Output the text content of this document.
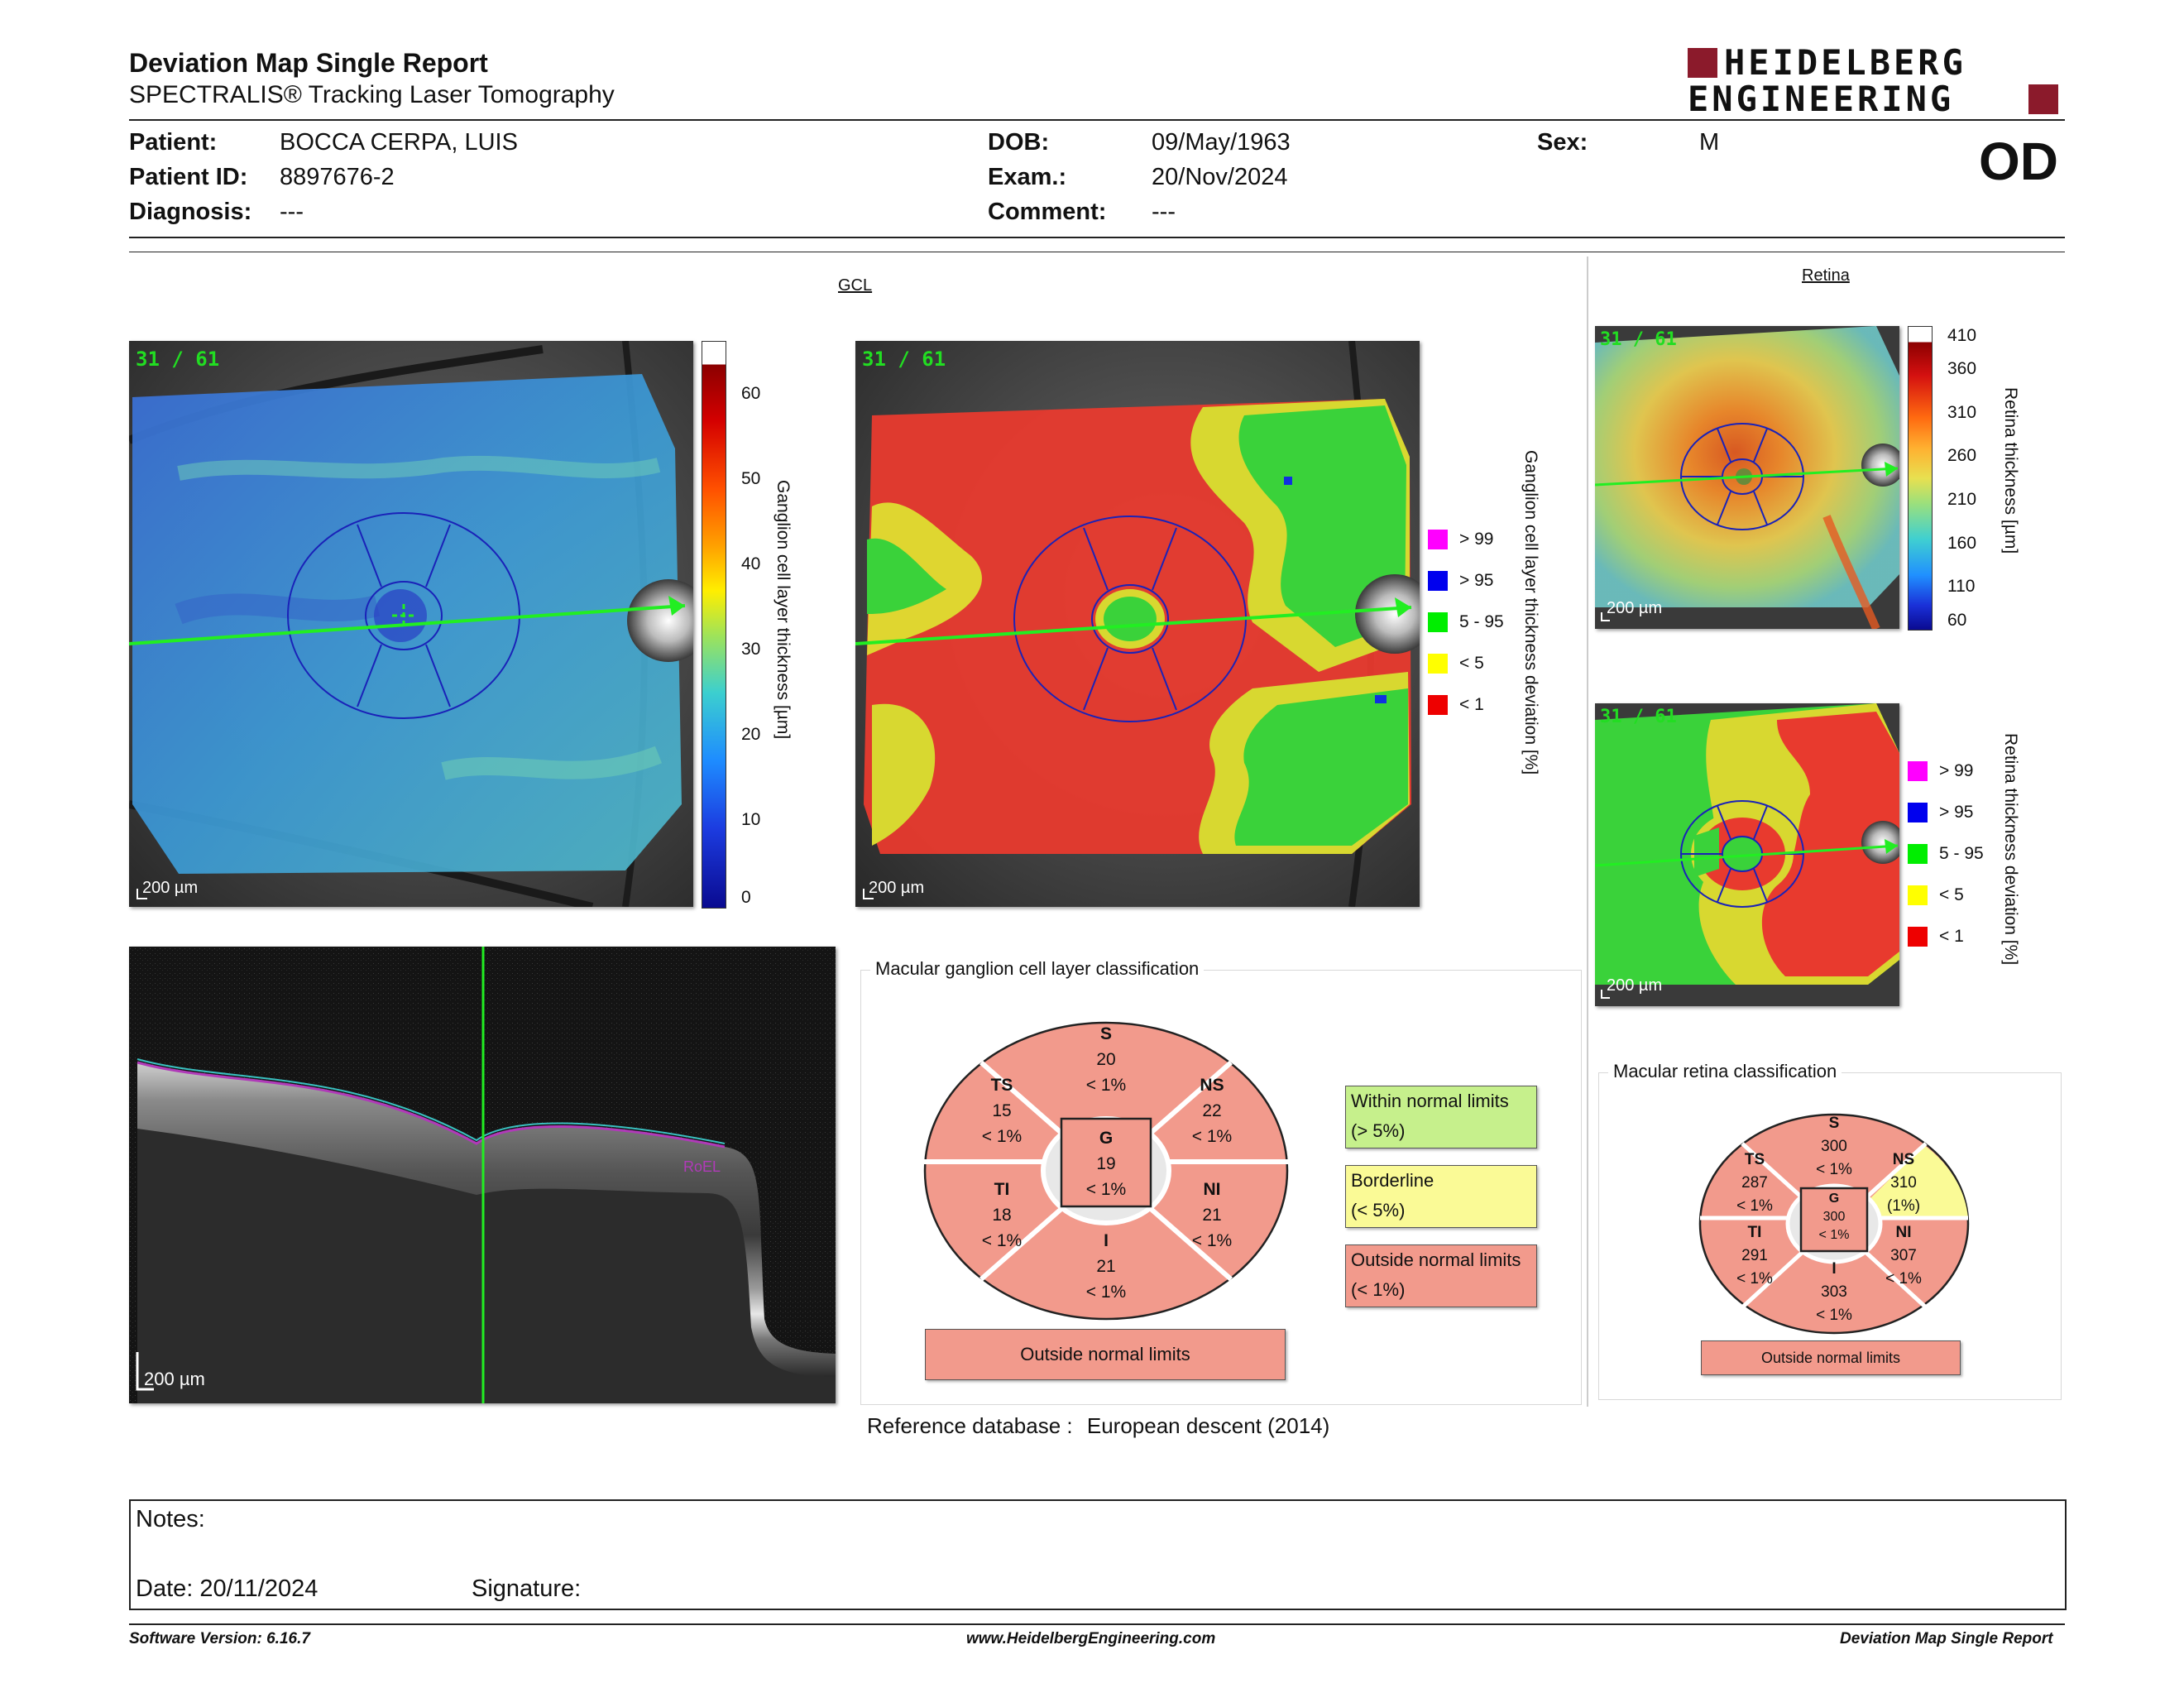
Deviation Map Single Report
SPECTRALIS® Tracking Laser Tomography
HEIDELBERG
ENGINEERING
Patient:	BOCCA CERPA, LUIS
Patient ID: 8897676-2
Diagnosis: ---
DOB:	09/May/1963
Exam.:	20/Nov/2024
Comment: ---
Sex:	M	OD
GCL
Retina
31 / 61
200 µm
60
50
40
30
20
10
0
Ganglion cell layer thickness [µm]
31 / 61
200 µm
> 99
> 95
5 - 95
< 5
< 1 Ganglion cell layer thickness deviation [%]
31 / 61
200 µm
410
360
310
260
210
160
110
60
Retina thickness [µm]
31 / 61
200 µm
> 99
> 95
5 - 95
< 5
< 1 Retina thickness deviation [%]
RoEL
200 µm
Macular ganglion cell layer classification
S
20
< 1%
TS
15
< 1%
NS
22
< 1%
G
19
< 1%
TI
18
< 1%
NI
21
< 1%
I
21
< 1%
Outside normal limits
Within normal limits
(> 5%)
Borderline
(< 5%)
Outside normal limits
(< 1%)
Macular retina classification
S
300
< 1%
TS
287
< 1%
NS
310
(1%)
G
300
< 1%
TI
291
< 1%
NI
307
< 1%
I
303
< 1%
Outside normal limits
Reference database : European descent (2014)
Notes:
Date: 20/11/2024	Signature:
Software Version: 6.16.7	www.HeidelbergEngineering.com	Deviation Map Single Report
